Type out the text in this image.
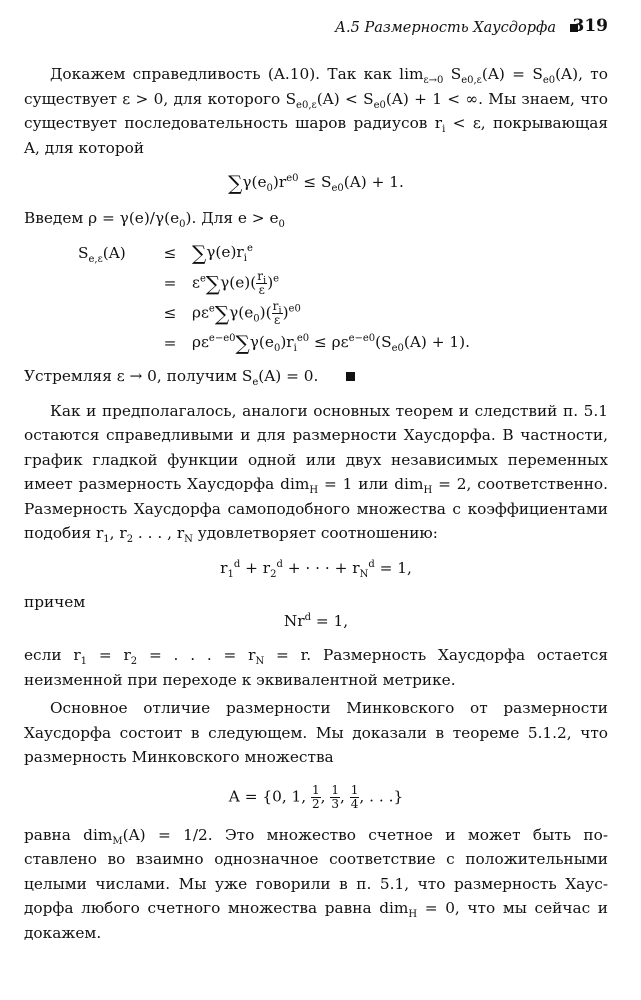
А.5 Размерность Хаусдорфа 319

Докажем справедливость (A.10). Так как $\lim_{\varepsilon\to 0} S_{e0,\varepsilon}(A) = S_{e0}(A)$, то существует ε > 0, для которого $S_{e0,\varepsilon}(A) < S_{e0}(A) + 1$ < ∞. Мы знаем, что существует последовательность шаров радиусов $r_i < \varepsilon$, покрывающая A, для которой

$\sum\gamma(e_0)r^{e0} \le S_{e0}(A) + 1$.

Введем $\rho = \gamma(e)/\gamma(e_0)$. Для $e > e_0$

$S_{e,\varepsilon}(A)$	≤ $\sum\gamma(e)r_i^e$
=	$\varepsilon^e\sum\gamma(e)( \frac{r_i}{\varepsilon} )^e$
≤	$\rho\varepsilon^e\sum\gamma(e_0)( \frac{r_i}{\varepsilon} )^{e0}$
=	$\rho\varepsilon^{e-e0}\sum\gamma(e_0)r_i^{e0} \le \rho\varepsilon^{e-e0}(S_{e0}(A) + 1)$.

Устремляя ε → 0, получим $S_e(A) = 0$.

Как и предполагалось, аналоги основных теорем и следствий п. 5.1 остаются справедливыми и для размерности Хаусдорфа. В частности, график гладкой функции одной или двух независимых переменных имеет размерность Хаусдорфа dim$_H$ = 1 или dim$_H$ = 2, соответственно. Размерность Хаусдорфа самоподобного множества с коэффициентами подобия $r_1$, $r_2$ . . . , $r_N$ удовлетворяет соотношению:

$r_1^d + r_2^d$ + · · · + $r_N^d = 1$,

причем

$Nr^d = 1$,

если $r_1 = r_2$ = . . . = $r_N = r$. Размерность Хаусдорфа остается неизменной при переходе к эквивалентной метрике.

Основное отличие размерности Минковского от размерности Хаусдорфа состоит в следующем. Мы доказали в теореме 5.1.2, что размерность Минковского множества

A = {0, 1, $\frac{1}{2}$ , $\frac{1}{3}$ , $\frac{1}{4}$ , . . .}

равна dim$_M$(A) = 1/2. Это множество счетное и может быть по- ставлено во взаимно однозначное соответствие с положительными целыми числами. Мы уже говорили в п. 5.1, что размерность Хаус- дорфа любого счетного множества равна dim$_H$ = 0, что мы сейчас и докажем.
